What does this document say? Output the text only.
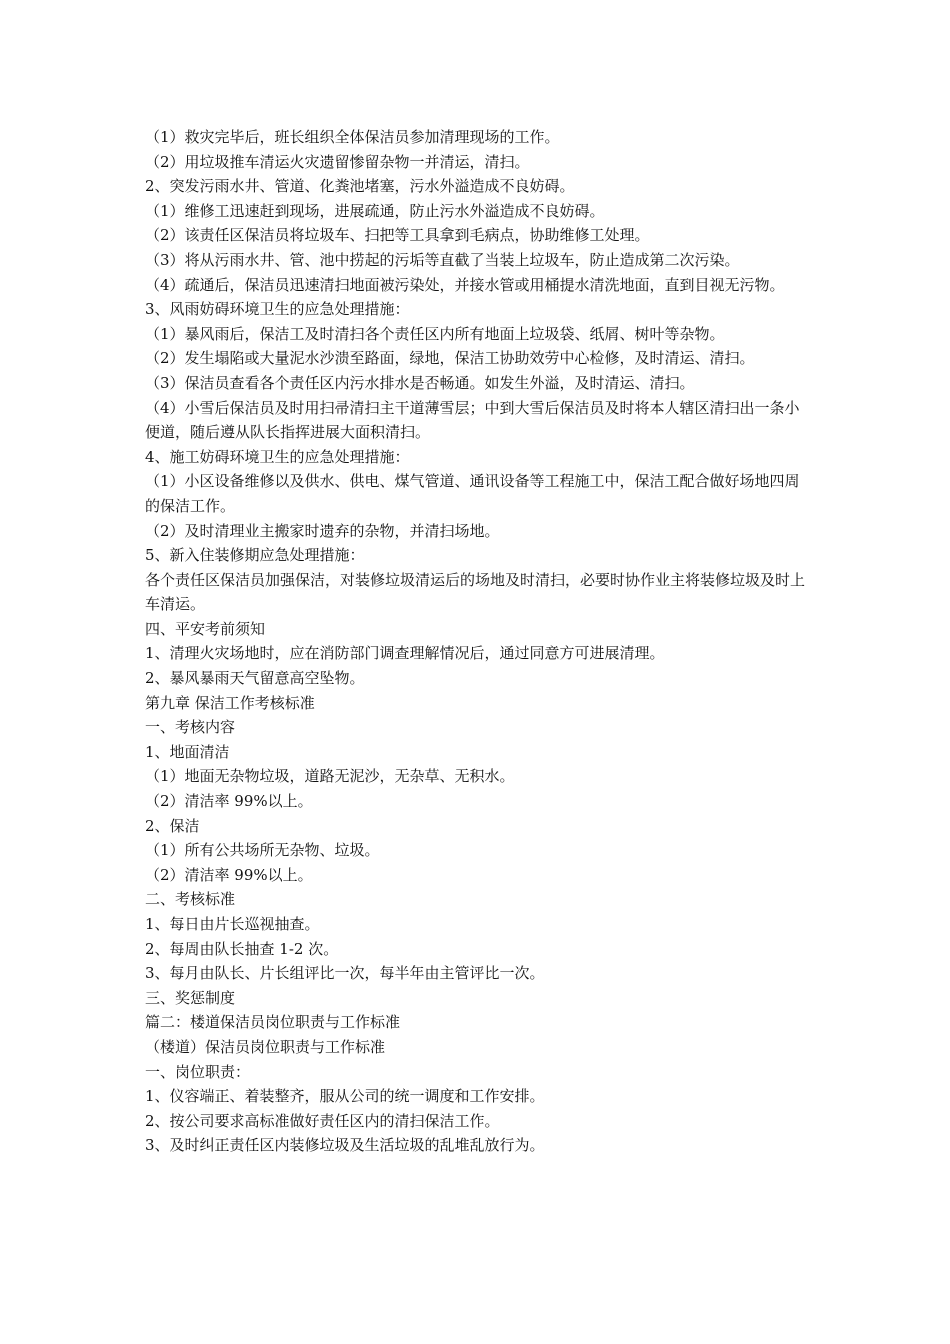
（1）救灾完毕后，班长组织全体保洁员参加清理现场的工作。

（2）用垃圾推车清运火灾遗留惨留杂物一并清运，清扫。

2、突发污雨水井、管道、化粪池堵塞，污水外溢造成不良妨碍。

（1）维修工迅速赶到现场，进展疏通，防止污水外溢造成不良妨碍。

（2）该责任区保洁员将垃圾车、扫把等工具拿到毛病点，协助维修工处理。

（3）将从污雨水井、管、池中捞起的污垢等直截了当装上垃圾车，防止造成第二次污染。

（4）疏通后，保洁员迅速清扫地面被污染处，并接水管或用桶提水清洗地面，直到目视无污物。

3、风雨妨碍环境卫生的应急处理措施：

（1）暴风雨后，保洁工及时清扫各个责任区内所有地面上垃圾袋、纸屑、树叶等杂物。

（2）发生塌陷或大量泥水沙溃至路面，绿地，保洁工协助效劳中心检修，及时清运、清扫。

（3）保洁员查看各个责任区内污水排水是否畅通。如发生外溢，及时清运、清扫。

（4）小雪后保洁员及时用扫帚清扫主干道薄雪层；中到大雪后保洁员及时将本人辖区清扫出一条小便道，随后遵从队长指挥进展大面积清扫。

4、施工妨碍环境卫生的应急处理措施：

（1）小区设备维修以及供水、供电、煤气管道、通讯设备等工程施工中，保洁工配合做好场地四周的保洁工作。

（2）及时清理业主搬家时遗弃的杂物，并清扫场地。

5、新入住装修期应急处理措施：

各个责任区保洁员加强保洁，对装修垃圾清运后的场地及时清扫，必要时协作业主将装修垃圾及时上车清运。

四、平安考前须知

1、清理火灾场地时，应在消防部门调查理解情况后，通过同意方可进展清理。

2、暴风暴雨天气留意高空坠物。

第九章 保洁工作考核标准

一、考核内容

1、地面清洁

（1）地面无杂物垃圾，道路无泥沙，无杂草、无积水。

（2）清洁率 99%以上。

2、保洁

（1）所有公共场所无杂物、垃圾。

（2）清洁率 99%以上。

二、考核标准

1、每日由片长巡视抽查。

2、每周由队长抽查 1-2 次。

3、每月由队长、片长组评比一次，每半年由主管评比一次。

三、奖惩制度

篇二：楼道保洁员岗位职责与工作标准

（楼道）保洁员岗位职责与工作标准

一、岗位职责：

1、仪容端正、着装整齐，服从公司的统一调度和工作安排。

2、按公司要求高标准做好责任区内的清扫保洁工作。

3、及时纠正责任区内装修垃圾及生活垃圾的乱堆乱放行为。
